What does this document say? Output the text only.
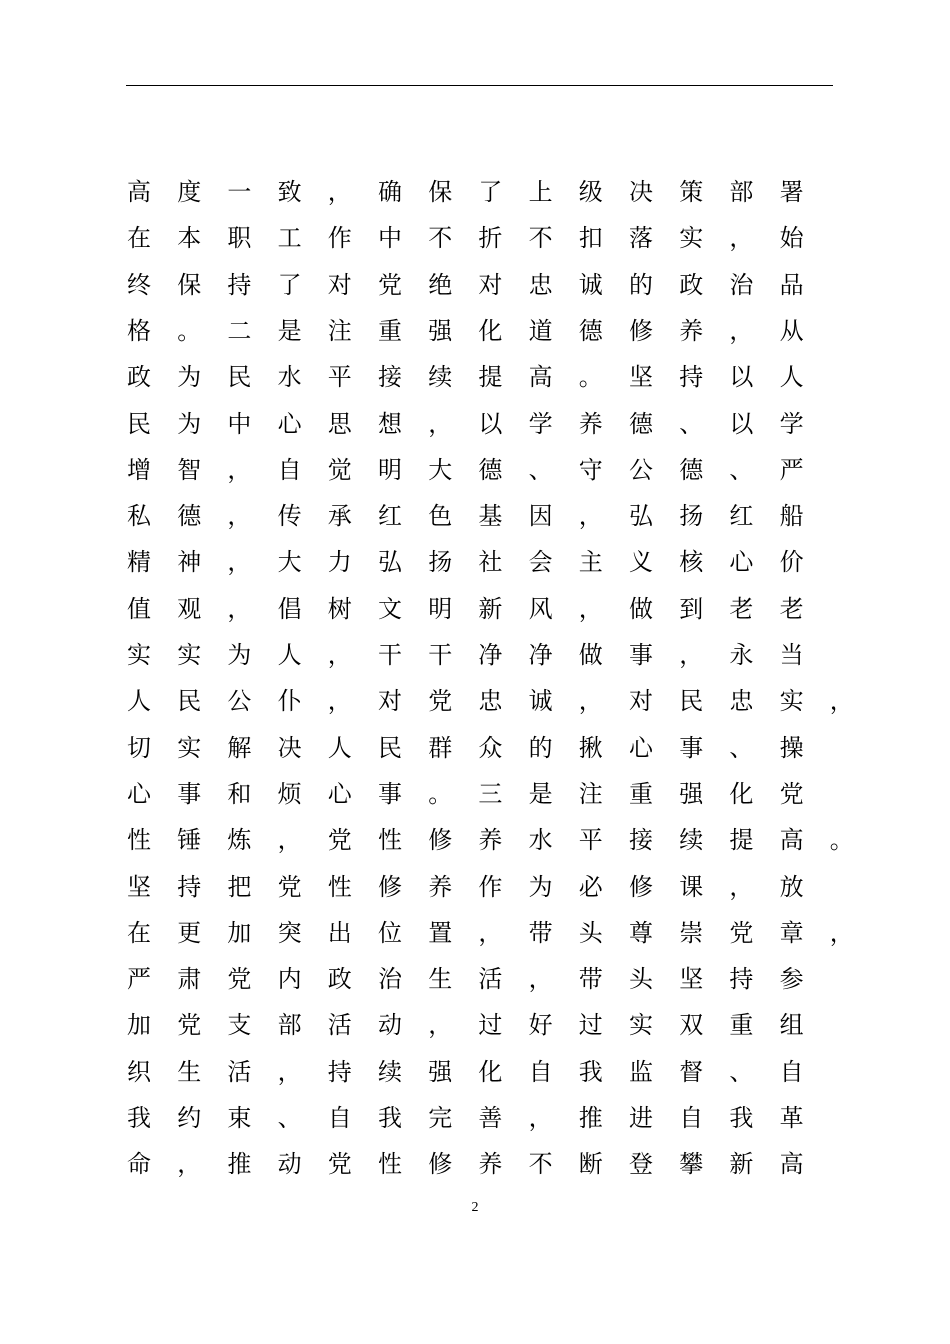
高	度	一	致	，	确	保	了	上	级	决	策	部	署
在	本	职	工	作	中	不	折	不	扣	落	实	，	始
终	保	持	了	对	党	绝	对	忠	诚	的	政	治	品
格	。	二	是	注	重	强	化	道	德	修	养	，	从
政	为	民	水	平	接	续	提	高	。	坚	持	以	人
民	为	中	心	思	想	，	以	学	养	德	、	以	学
增	智	，	自	觉	明	大	德	、	守	公	德	、	严
私	德	，	传	承	红	色	基	因	，	弘	扬	红	船
精	神	，	大	力	弘	扬	社	会	主	义	核	心	价
值	观	，	倡	树	文	明	新	风	，	做	到	老	老
实	实	为	人	，	干	干	净	净	做	事	，	永	当
人	民	公	仆	，	对	党	忠	诚	，	对	民	忠	实	，
切	实	解	决	人	民	群	众	的	揪	心	事	、	操
心	事	和	烦	心	事	。	三	是	注	重	强	化	党
性	锤	炼	，	党	性	修	养	水	平	接	续	提	高	。
坚	持	把	党	性	修	养	作	为	必	修	课	，	放
在	更	加	突	出	位	置	，	带	头	尊	崇	党	章	，
严	肃	党	内	政	治	生	活	，	带	头	坚	持	参
加	党	支	部	活	动	，	过	好	过	实	双	重	组
织	生	活	，	持	续	强	化	自	我	监	督	、	自
我	约	束	、	自	我	完	善	，	推	进	自	我	革
命	，	推	动	党	性	修	养	不	断	登	攀	新	高
2
